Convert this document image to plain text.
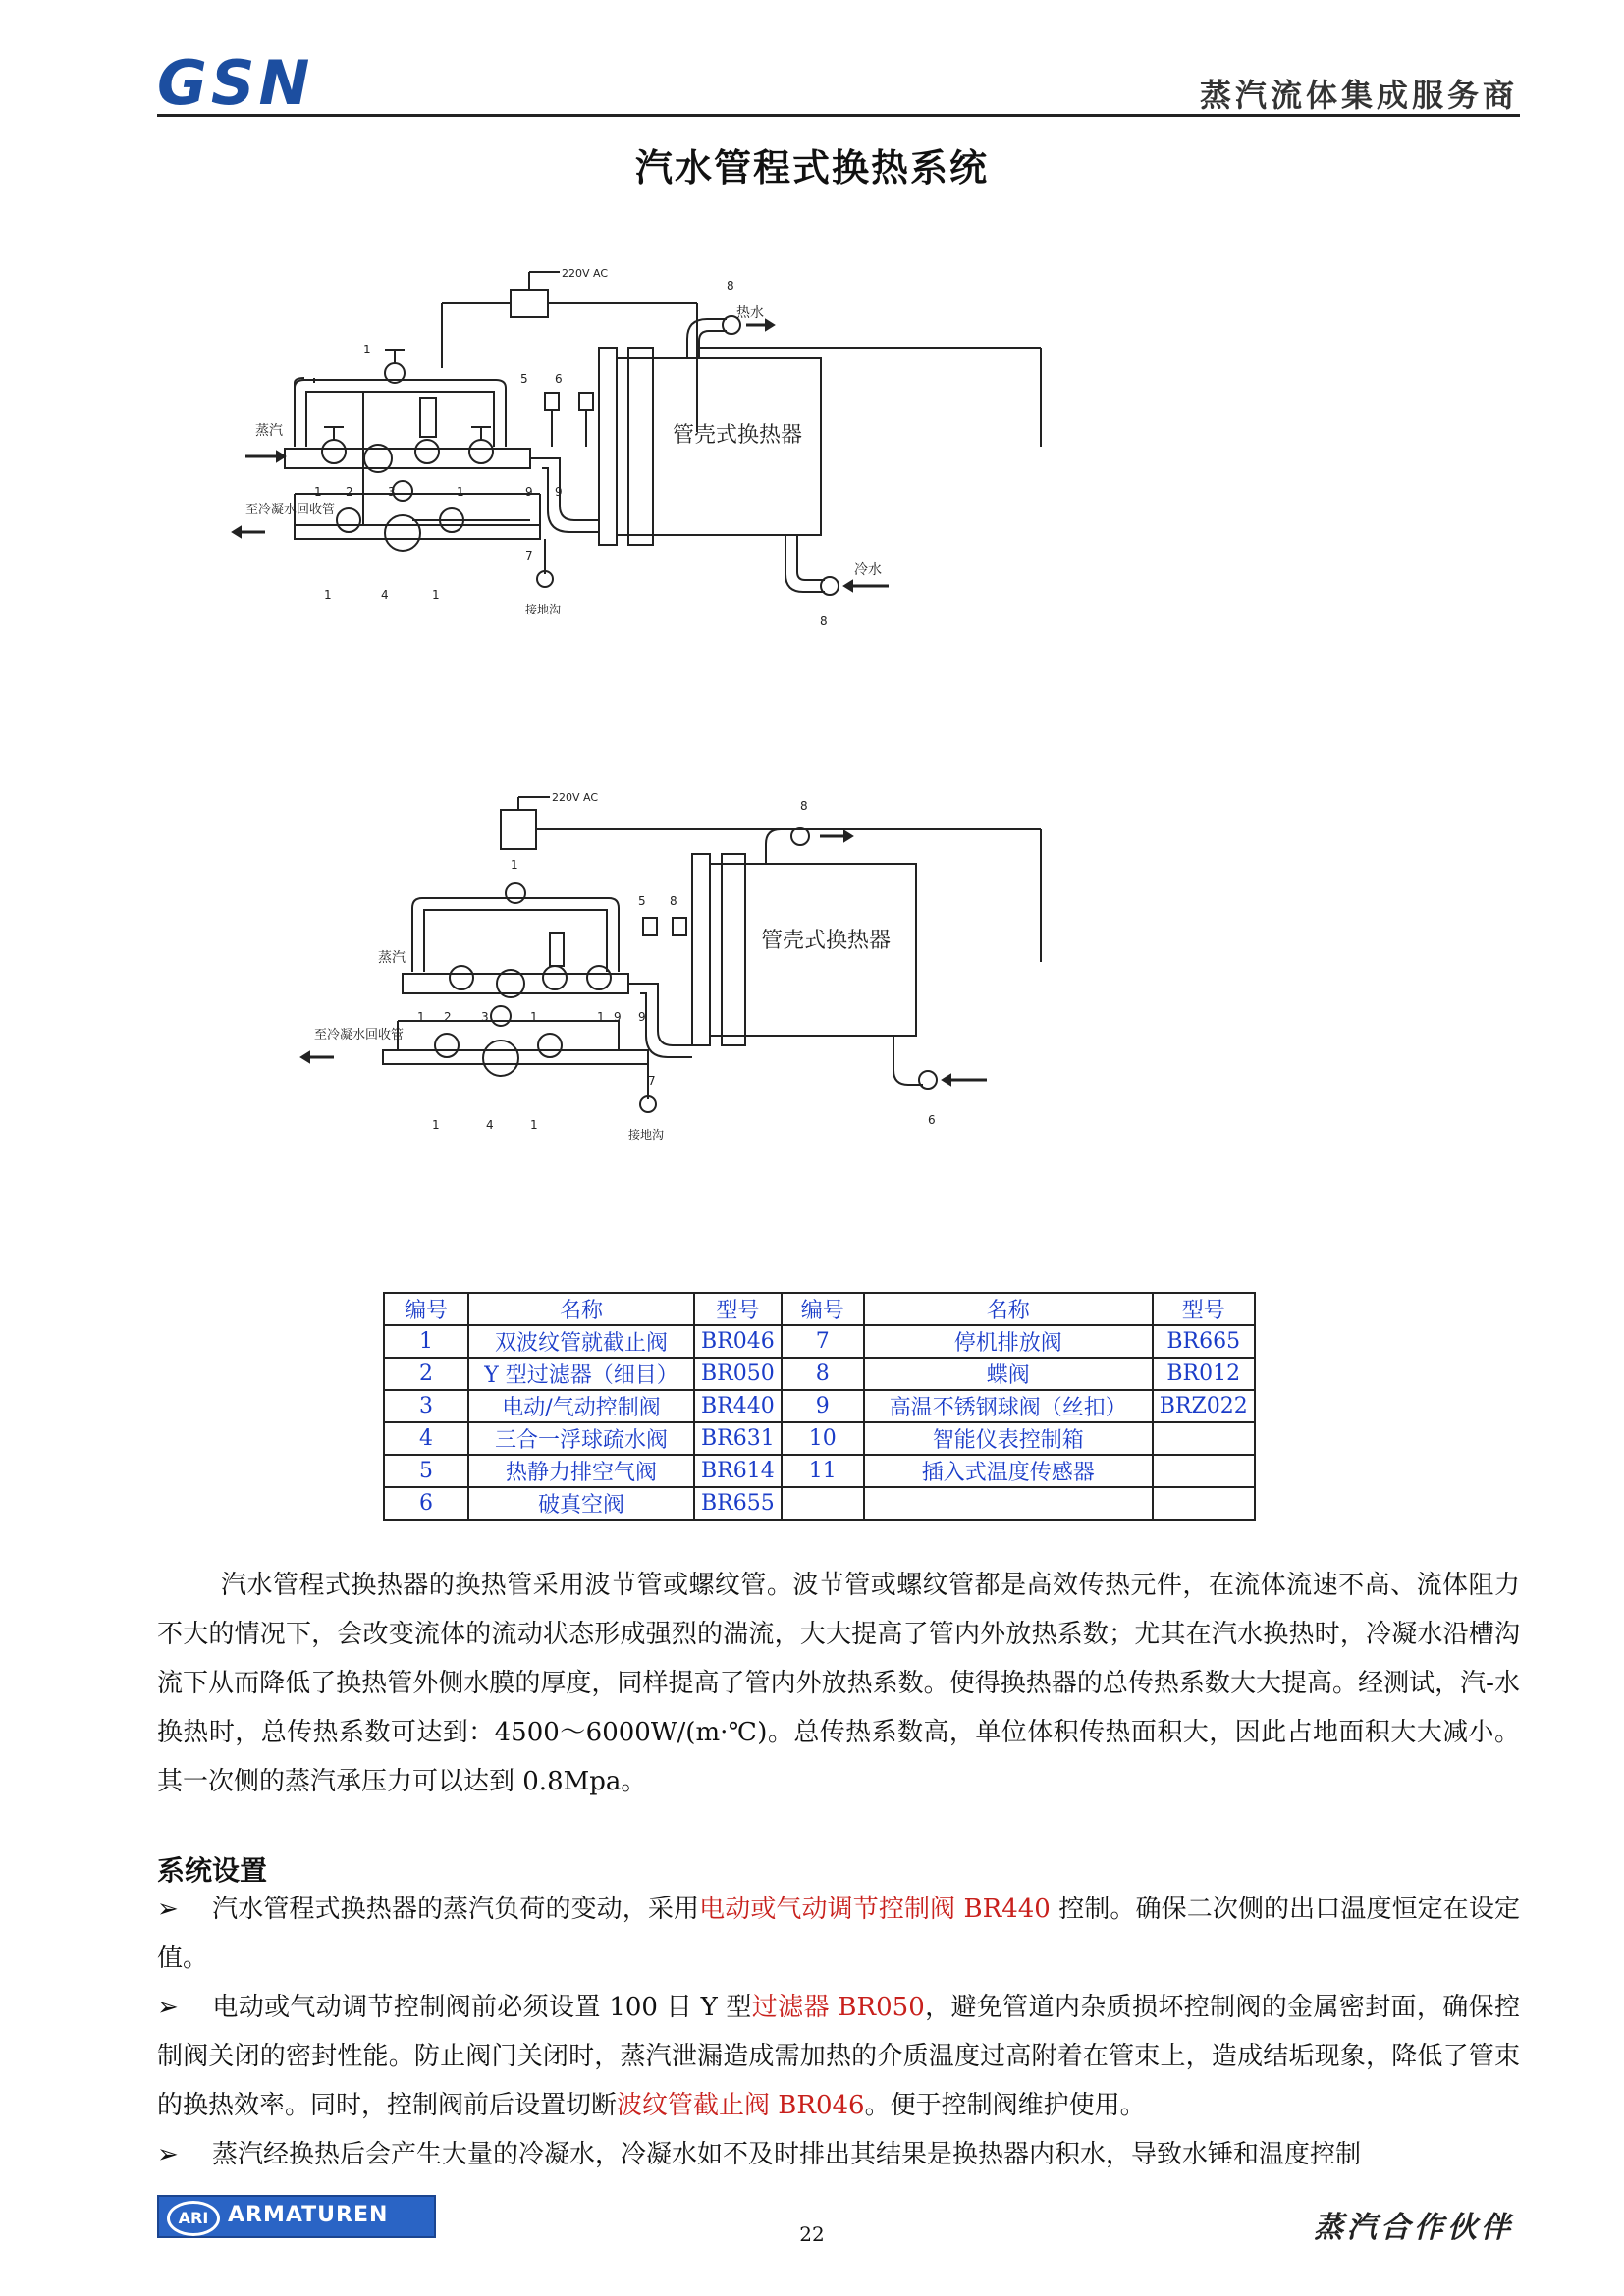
GSN	蒸汽流体集成服务商
汽水管程式换热系统
220V AC
蒸汽
热水
冷水
至冷凝水回收管
接地沟
管壳式换热器
1
1 2	3	1	9 9
5 6
8
1	4	1
7
8
220V AC
蒸汽
至冷凝水回收管
接地沟
管壳式换热器
1
1 2	3	1	1 9 9
5 8
8
1	4	1
7
6
编号	名称	型号	编号	名称	型号
1	双波纹管就截止阀	BR046	7	停机排放阀	BR665
2	Y 型过滤器（细目）	BR050	8	蝶阀	BR012
3	电动/气动控制阀	BR440	9	高温不锈钢球阀（丝扣）	BRZ022
4	三合一浮球疏水阀	BR631	10	智能仪表控制箱	
5	热静力排空气阀	BR614	11	插入式温度传感器	
6	破真空阀	BR655			

汽水管程式换热器的换热管采用波节管或螺纹管。波节管或螺纹管都是高效传热元件，在流体流速不高、流体阻力不大的情况下，会改变流体的流动状态形成强烈的湍流，大大提高了管内外放热系数；尤其在汽水换热时，冷凝水沿槽沟流下从而降低了换热管外侧水膜的厚度，同样提高了管内外放热系数。使得换热器的总传热系数大大提高。经测试，汽-水换热时，总传热系数可达到：4500～6000W/(m·℃)。总传热系数高，单位体积传热面积大，因此占地面积大大减小。其一次侧的蒸汽承压力可以达到 0.8Mpa。

系统设置

➢ 汽水管程式换热器的蒸汽负荷的变动，采用电动或气动调节控制阀 BR440 控制。确保二次侧的出口温度恒定在设定值。

➢ 电动或气动调节控制阀前必须设置 100 目 Y 型过滤器 BR050，避免管道内杂质损坏控制阀的金属密封面，确保控制阀关闭的密封性能。防止阀门关闭时，蒸汽泄漏造成需加热的介质温度过高附着在管束上，造成结垢现象，降低了管束的换热效率。同时，控制阀前后设置切断波纹管截止阀 BR046。便于控制阀维护使用。

➢ 蒸汽经换热后会产生大量的冷凝水，冷凝水如不及时排出其结果是换热器内积水，导致水锤和温度控制

ARI ARMATUREN
22	蒸汽合作伙伴
